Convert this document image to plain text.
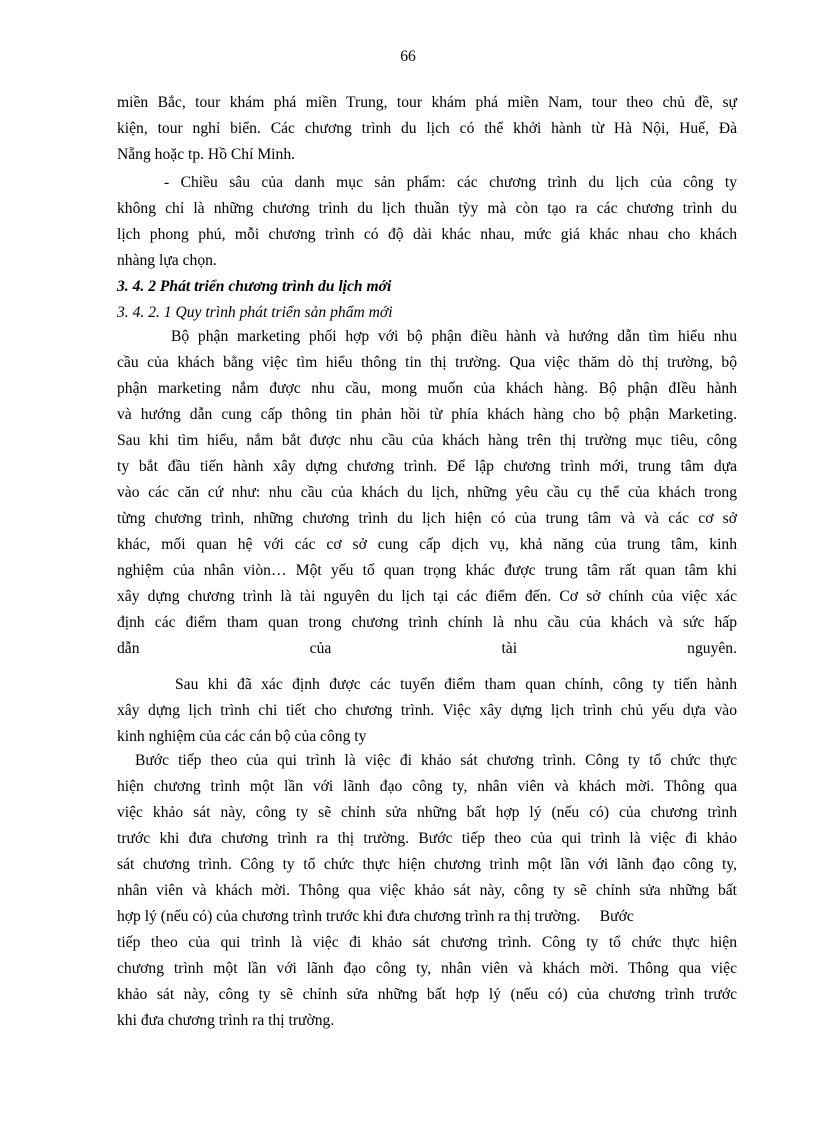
66
miền Bắc, tour khám phá miền Trung, tour khám phá miền Nam, tour theo chủ đề, sự
kiện, tour nghỉ biển. Các chương trình du lịch có thể khởi hành từ Hà Nội, Huế, Đà
Nẵng hoặc tp. Hồ Chí Minh.
- Chiều sâu của danh mục sản phẩm: các chương trình du lịch của công ty
không chỉ là những chương trình du lịch thuần tỳy mà còn tạo ra các chương trình du
lịch phong phú, mỗi chương trình có độ dài khác nhau, mức giá khác nhau cho khách
nhàng lựa chọn.
3. 4. 2 Phát triển chương trình du lịch mới
3. 4. 2. 1 Quy trình phát triển sản phẩm mới
Bộ phận marketing phối hợp với bộ phận điều hành và hướng dẫn tìm hiểu nhu
cầu của khách bằng việc tìm hiểu thông tin thị trường. Qua việc thăm dò thị trường, bộ
phận marketing nắm được nhu cầu, mong muốn của khách hàng. Bộ phận đIều hành
và hướng dẫn cung cấp thông tin phản hồi từ phía khách hàng cho bộ phận Marketing.
Sau khi tìm hiểu, nắm bắt được nhu cầu của khách hàng trên thị trường mục tiêu, công
ty bắt đầu tiến hành xây dựng chương trình. Để lập chương trình mới, trung tâm dựa
vào các căn cứ như: nhu cầu của khách du lịch, những yêu cầu cụ thể của khách trong
từng chương trình, những chương trình du lịch hiện có của trung tâm và và các cơ sở
khác, mối quan hệ với các cơ sở cung cấp dịch vụ, khả năng của trung tâm, kinh
nghiệm của nhân viòn… Một yếu tố quan trọng khác được trung tâm rất quan tâm khi
xây dựng chương trình là tài nguyên du lịch tại các điểm đến. Cơ sở chính của việc xác
định các điểm tham quan trong chương trình chính là nhu cầu của khách và sức hấp
dẫn của tài nguyên.
Sau khi đã xác định được các tuyến điểm tham quan chính, công ty tiến hành
xây dựng lịch trình chi tiết cho chương trình. Việc xây dựng lịch trình chủ yếu dựa vào
kinh nghiệm của các cán bộ của công ty
Bước tiếp theo của qui trình là việc đi khảo sát chương trình. Công ty tổ chức thực
hiện chương trình một lần với lãnh đạo công ty, nhân viên và khách mời. Thông qua
việc khảo sát này, công ty sẽ chỉnh sửa những bất hợp lý (nếu có) của chương trình
trước khi đưa chương trình ra thị trường. Bước tiếp theo của qui trình là việc đi khảo
sát chương trình. Công ty tổ chức thực hiện chương trình một lần với lãnh đạo công ty,
nhân viên và khách mời. Thông qua việc khảo sát này, công ty sẽ chỉnh sửa những bất
hợp lý (nếu có) của chương trình trước khi đưa chương trình ra thị trường.     Bước
tiếp theo của qui trình là việc đi khảo sát chương trình. Công ty tổ chức thực hiện
chương trình một lần với lãnh đạo công ty, nhân viên và khách mời. Thông qua việc
khảo sát này, công ty sẽ chỉnh sửa những bất hợp lý (nếu có) của chương trình trước
khi đưa chương trình ra thị trường.
